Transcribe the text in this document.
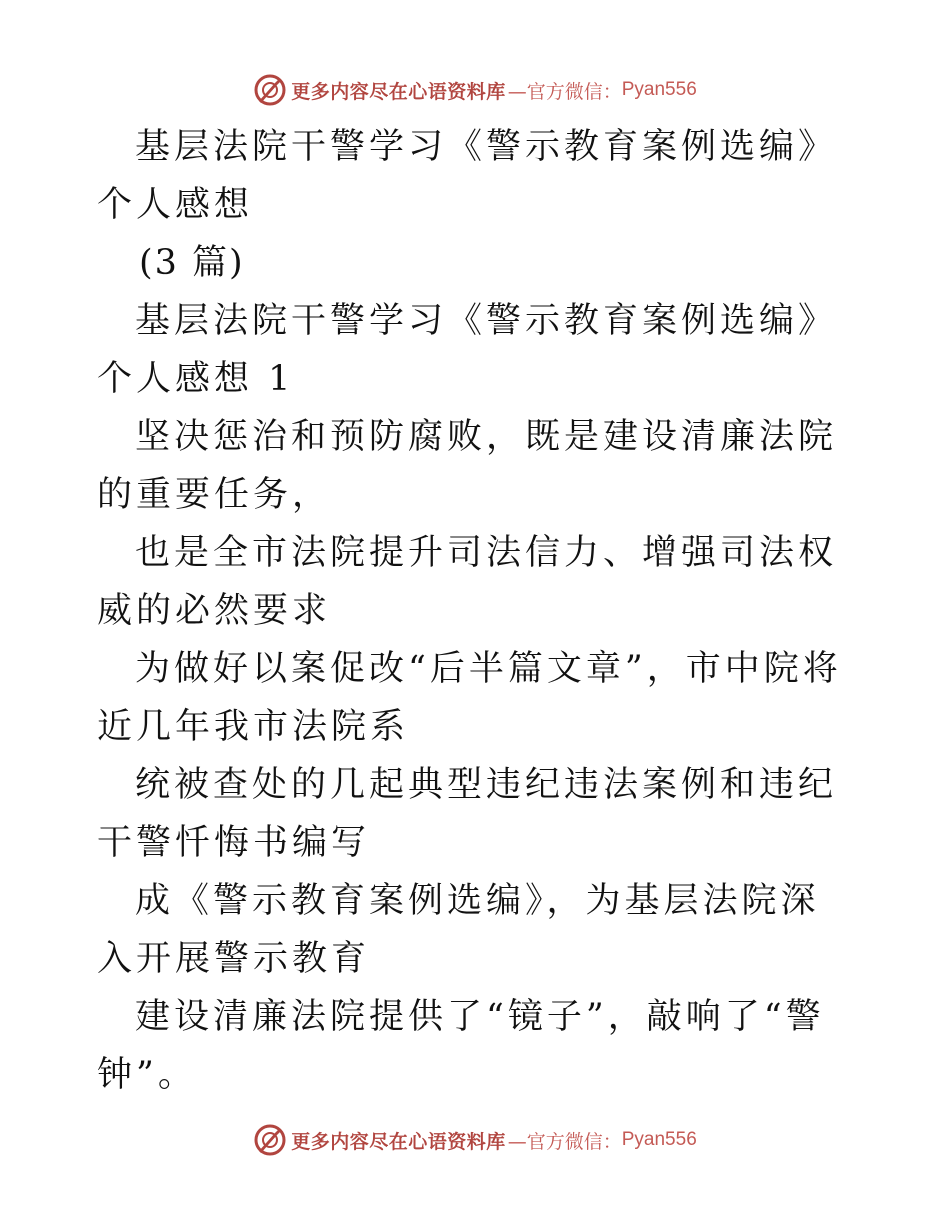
更多内容尽在心语资料库 —官方微信： Pyan556

基层法院干警学习《警示教育案例选编》个人感想

(3 篇)

基层法院干警学习《警示教育案例选编》个人感想 1

坚决惩治和预防腐败，既是建设清廉法院的重要任务，

也是全市法院提升司法信力、增强司法权威的必然要求

为做好以案促改“后半篇文章”，市中院将近几年我市法院系

统被查处的几起典型违纪违法案例和违纪干警忏悔书编写

成《警示教育案例选编》，为基层法院深入开展警示教育

建设清廉法院提供了“镜子”，敲响了“警钟”。

更多内容尽在心语资料库 —官方微信： Pyan556
